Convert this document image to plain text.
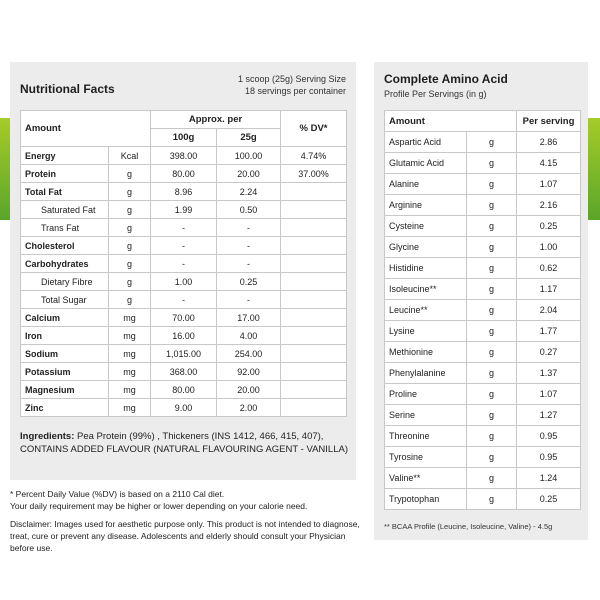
Nutritional Facts
1 scoop (25g) Serving Size
18 servings per container
Amount		Approx. per		% DV*
		100g	25g	
Energy	Kcal	398.00	100.00	4.74%
Protein	g	80.00	20.00	37.00%
Total Fat	g	8.96	2.24	
Saturated Fat	g	1.99	0.50	
Trans Fat	g	-	-	
Cholesterol	g	-	-	
Carbohydrates	g	-	-	
Dietary Fibre	g	1.00	0.25	
Total Sugar	g	-	-	
Calcium	mg	70.00	17.00	
Iron	mg	16.00	4.00	
Sodium	mg	1,015.00	254.00	
Potassium	mg	368.00	92.00	
Magnesium	mg	80.00	20.00	
Zinc	mg	9.00	2.00	
Ingredients: Pea Protein (99%) , Thickeners (INS 1412, 466, 415, 407), CONTAINS ADDED FLAVOUR (NATURAL FLAVOURING AGENT - VANILLA)

* Percent Daily Value (%DV) is based on a 2110 Cal diet.

Your daily requirement may be higher or lower depending on your calorie need.

Disclaimer: Images used for aesthetic purpose only. This product is not intended to diagnose, treat, cure or prevent any disease. Adolescents and elderly should consult your Physician before use.

Complete Amino Acid
Profile Per Servings (in g)
Amount		Per serving
Aspartic Acid	g	2.86
Glutamic Acid	g	4.15
Alanine	g	1.07
Arginine	g	2.16
Cysteine	g	0.25
Glycine	g	1.00
Histidine	g	0.62
Isoleucine**	g	1.17
Leucine**	g	2.04
Lysine	g	1.77
Methionine	g	0.27
Phenylalanine	g	1.37
Proline	g	1.07
Serine	g	1.27
Threonine	g	0.95
Tyrosine	g	0.95
Valine**	g	1.24
Trypotophan	g	0.25
** BCAA Profile (Leucine, Isoleucine, Valine) - 4.5g
